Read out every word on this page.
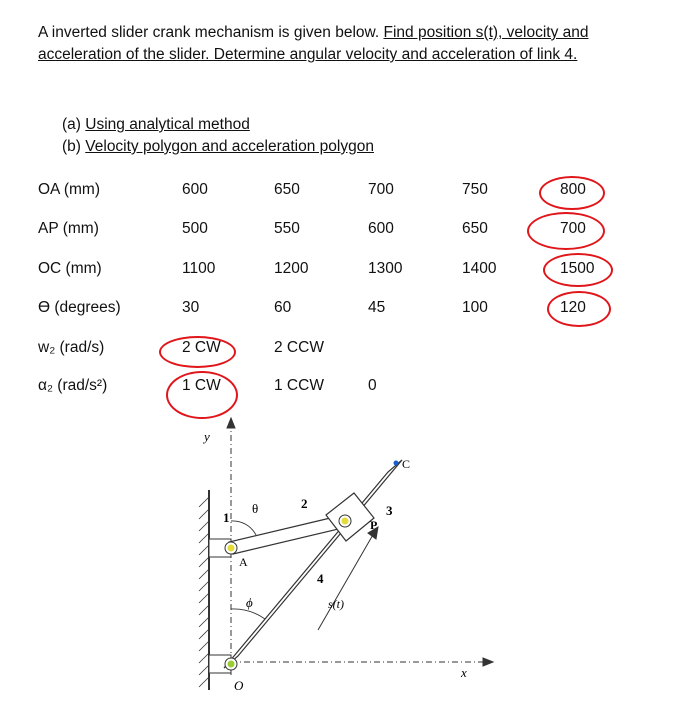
A inverted slider crank mechanism is given below. Find position s(t), velocity and acceleration of the slider. Determine angular velocity and acceleration of link 4.
(a) Using analytical method
(b) Velocity polygon and acceleration polygon
OA (mm)	600	650	700	750	800
AP (mm)	500	550	600	650	700
OC (mm)	1100	1200	1300	1400	1500
ϴ (degrees)	30	60	45	100	120
w₂ (rad/s)	2 CW	2 CCW
α₂ (rad/s²)	1 CW	1 CCW	0
y
x
C
P
A
O
θ
ϕ	s(t)
1
2	3
4
